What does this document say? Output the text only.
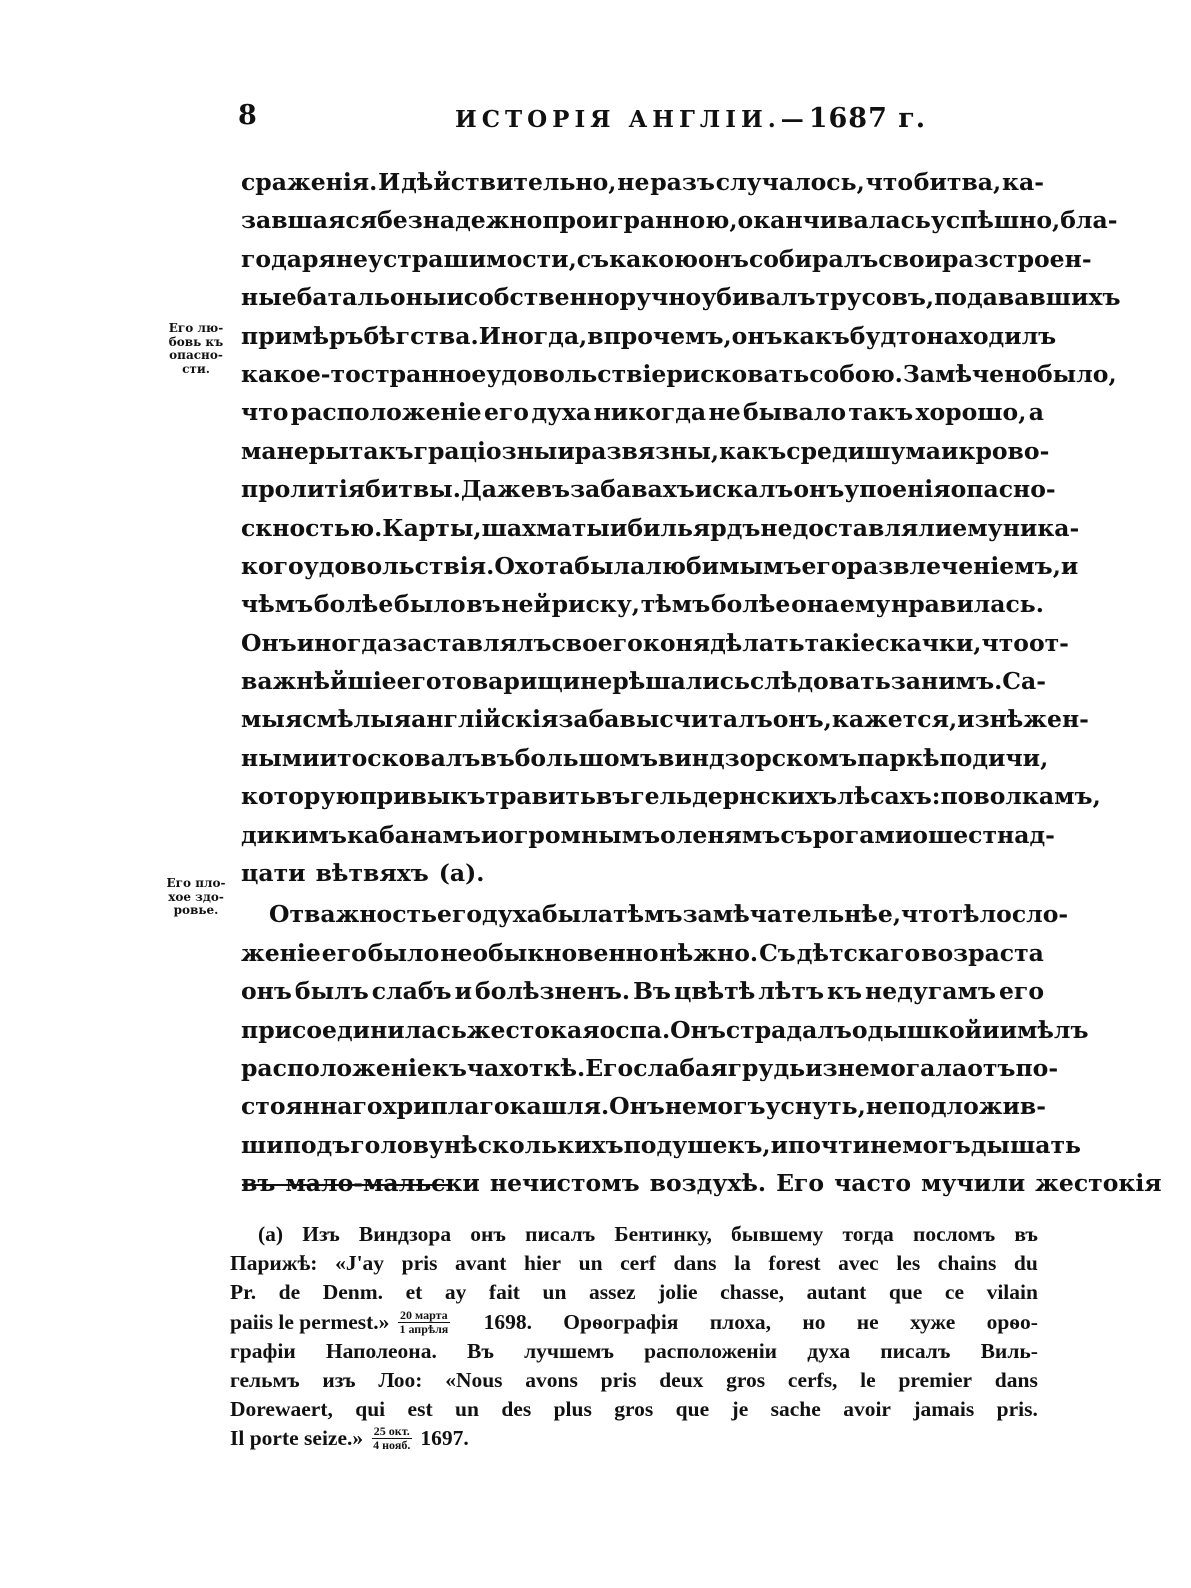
8	ИСТОРІЯ АНГЛІИ.—1687 г.
Его лю-
бовь къ
опасно-
сти.
Его пло-
хое здо-
ровье.
сраженія. И дѣйствительно, не разъ случалось, что битва, ка-
завшаяся безнадежно проигранною, оканчивалась успѣшно, бла-
годаря неустрашимости, съ какою онъ собиралъ свои разстроен-
ные батальоны и собственноручно убивалъ трусовъ, подававшихъ
примѣръ бѣгства. Иногда, впрочемъ, онъ какъ будто находилъ
какое-то странное удовольствіе рисковать собою. Замѣчено было,
что расположеніе его духа никогда не бывало такъ хорошо, а
манеры такъ граціозны и развязны, какъ среди шума и крово-
пролитія битвы. Даже въ забавахъ искалъ онъ упоенія опасно-
скностью. Карты, шахматы и бильярдъ не доставляли ему ника-
кого удовольствія. Охота была любимымъ его развлеченіемъ, и
чѣмъ болѣе было въ ней риску, тѣмъ болѣе она ему нравилась.
Онъ иногда заставлялъ своего коня дѣлать такіе скачки, что от-
важнѣйшіе его товарищи не рѣшались слѣдовать за нимъ. Са-
мыя смѣлыя англійскія забавы считалъ онъ, кажется, изнѣжен-
ными и тосковалъ въ большомъ виндзорскомъ паркѣ по дичи,
которую привыкъ травить въ гельдернскихъ лѣсахъ: по волкамъ,
дикимъ кабанамъ и огромнымъ оленямъ съ рогами о шестнад-
цати вѣтвяхъ (а).
Отважность его духа была тѣмъ замѣчательнѣе, что тѣлосло-
женіе его было необыкновенно нѣжно. Съ дѣтскаго возраста
онъ былъ слабъ и болѣзненъ. Въ цвѣтѣ лѣтъ къ недугамъ его
присоединилась жестокая оспа. Онъ страдалъ одышкой и имѣлъ
расположеніе къ чахоткѣ. Его слабая грудь изнемогала отъ по-
стояннаго хриплаго кашля. Онъ не могъ уснуть, не подложив-
ши подъ голову нѣсколькихъ подушекъ, и почти не могъ дышать
въ мало-мальски нечистомъ воздухѣ. Его часто мучили жестокія
(а) Изъ Виндзора онъ писалъ Бентинку, бывшему тогда посломъ въ
Парижѣ: «J'ay pris avant hier un cerf dans la forest avec les chains du
Pr. de Denm. et ay fait un assez jolie chasse, autant que ce vilain
paiis le permest.» $\frac{\text{20 марта}}{\text{1 апрѣля}} 1698$. Орѳографія плоха, но не хуже орѳо-
графіи Наполеона. Въ лучшемъ расположеніи духа писалъ Виль-
гельмъ изъ Лоо: «Nous avons pris deux gros cerfs, le premier dans
Dorewaert, qui est un des plus gros que je sache avoir jamais pris.
Il porte seize.» $\frac{\text{25 окт.}}{\text{4 нояб.}} 1697$.
